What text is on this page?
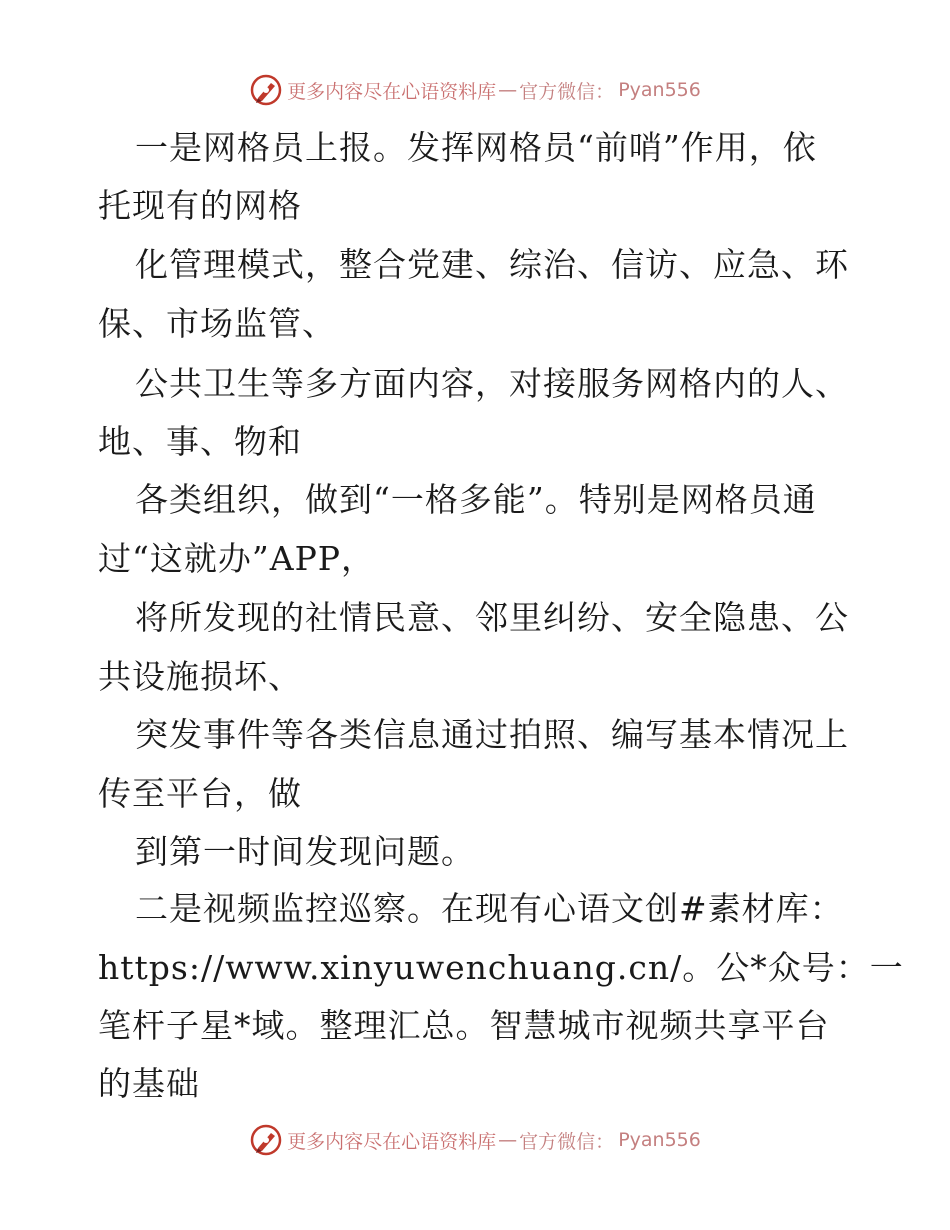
更多内容尽在心语资料库 — 官方微信： Pyan556
一是网格员上报。发挥网格员“前哨”作用，依
托现有的网格
化管理模式，整合党建、综治、信访、应急、环
保、市场监管、
公共卫生等多方面内容，对接服务网格内的人、
地、事、物和
各类组织，做到“一格多能”。特别是网格员通
过“这就办”APP，
将所发现的社情民意、邻里纠纷、安全隐患、公
共设施损坏、
突发事件等各类信息通过拍照、编写基本情况上
传至平台，做
到第一时间发现问题。
二是视频监控巡察。在现有心语文创#素材库：
https://www.xinyuwenchuang.cn/。公*众号：一
笔杆子星*域。整理汇总。智慧城市视频共享平台
的基础
更多内容尽在心语资料库 — 官方微信： Pyan556
